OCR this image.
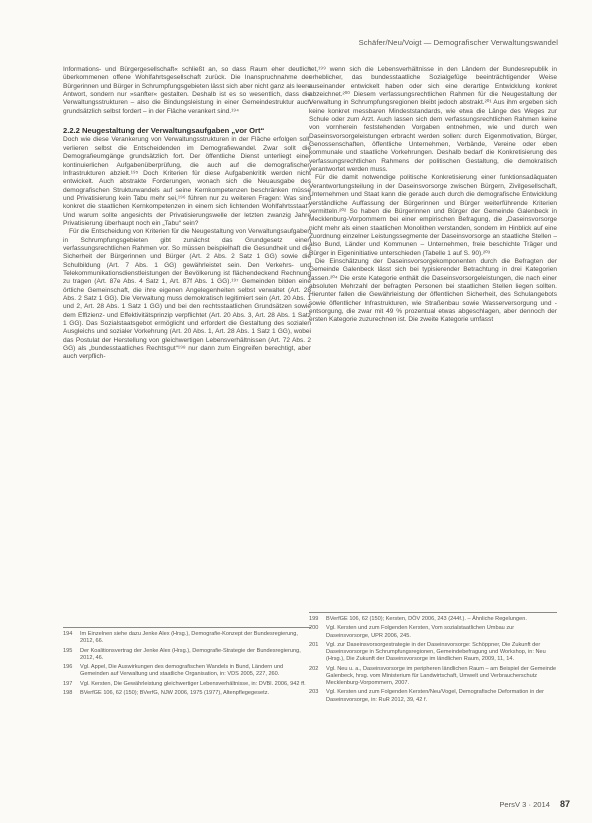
Schäfer/Neu/Voigt — Demografischer Verwaltungswandel

Informations- und Bürgergesellschaft« schließt an, so dass Raum eher deutlich überkommenen offene Wohlfahrtsgesellschaft zurück. Die Inanspruchnahme der Bürgerinnen und Bürger in Schrumpfungsgebieten lässt sich aber nicht ganz als leere Antwort, sondern nur »sanfter« gestalten. Deshalb ist es so wesentlich, dass die Verwaltungsstrukturen – also die Bindungsleistung in einer Gemeindestruktur auch grundsätzlich selbst fordert – in der Fläche verankert sind.¹⁹⁴

2.2.2 Neugestaltung der Verwaltungsaufgaben „vor Ort“

Doch wie diese Verankerung von Verwaltungsstrukturen in der Fläche erfolgen soll, verlieren selbst die Entscheidenden im Demografiewandel. Zwar sollt die Demografieumgänge grundsätzlich fort. Der öffentliche Dienst unterliegt einer kontinuierlichen Aufgabenüberprüfung, die auch auf die demografischen Infrastrukturen abzielt.¹⁹⁵ Doch Kriterien für diese Aufgabenkritik werden nicht entwickelt. Auch abstrakte Forderungen, wonach sich die Neuausgabe des demografischen Strukturwandels auf seine Kernkompetenzen beschränken müsse und Privatisierung kein Tabu mehr sei,¹⁹⁶ führen nur zu weiteren Fragen: Was sind konkret die staatlichen Kernkompetenzen in einem sich lichtenden Wohlfahrtsstaat? Und warum sollte angesichts der Privatisierungswelle der letzten zwanzig Jahre Privatisierung überhaupt noch ein „Tabu“ sein?

Für die Entscheidung von Kriterien für die Neugestaltung von Verwaltungsaufgaben in Schrumpfungsgebieten gibt zunächst das Grundgesetz einen verfassungsrechtlichen Rahmen vor. So müssen beispielhaft die Gesundheit und die Sicherheit der Bürgerinnen und Bürger (Art. 2 Abs. 2 Satz 1 GG) sowie die Schulbildung (Art. 7 Abs. 1 GG) gewährleistet sein. Den Verkehrs- und Telekommunikationsdienstleistungen der Bevölkerung ist flächendeckend Rechnung zu tragen (Art. 87e Abs. 4 Satz 1, Art. 87f Abs. 1 GG).¹⁹⁷ Gemeinden bilden eine örtliche Gemeinschaft, die ihre eigenen Angelegenheiten selbst verwaltet (Art. 28 Abs. 2 Satz 1 GG). Die Verwaltung muss demokratisch legitimiert sein (Art. 20 Abs. 1 und 2, Art. 28 Abs. 1 Satz 1 GG) und bei den rechtsstaatlichen Grundsätzen sowie dem Effizienz- und Effektivitätsprinzip verpflichtet (Art. 20 Abs. 3, Art. 28 Abs. 1 Satz 1 GG). Das Sozialstaatsgebot ermöglicht und erfordert die Gestaltung des sozialen Ausgleichs und sozialer Vorkehrung (Art. 20 Abs. 1, Art. 28 Abs. 1 Satz 1 GG), wobei das Postulat der Herstellung von gleichwertigen Lebensverhältnissen (Art. 72 Abs. 2 GG) als „bundesstaatliches Rechtsgut“¹⁹⁸ nur dann zum Eingreifen berechtigt, aber auch verpflich-

tet,¹⁹⁹ wenn sich die Lebensverhältnisse in den Ländern der Bundesrepublik in erheblicher, das bundesstaatliche Sozialgefüge beeinträchtigender Weise auseinander entwickelt haben oder sich eine derartige Entwicklung konkret abzeichnet.²⁰⁰ Diesem verfassungsrechtlichen Rahmen für die Neugestaltung der Verwaltung in Schrumpfungsregionen bleibt jedoch abstrakt.²⁰¹ Aus ihm ergeben sich keine konkret messbaren Mindeststandards, wie etwa die Länge des Weges zur Schule oder zum Arzt. Auch lassen sich dem verfassungsrechtlichen Rahmen keine von vornherein feststehenden Vorgaben entnehmen, wie und durch wen Daseinsvorsorgeleistungen erbracht werden sollen: durch Eigenmotivation, Bürger, Genossenschaften, öffentliche Unternehmen, Verbände, Vereine oder eben kommunale und staatliche Vorkehrungen. Deshalb bedarf die Konkretisierung des verfassungsrechtlichen Rahmens der politischen Gestaltung, die demokratisch verantwortet werden muss.

Für die damit notwendige politische Konkretisierung einer funktionsadäquaten Verantwortungsteilung in der Daseinsvorsorge zwischen Bürgern, Zivilgesellschaft, Unternehmen und Staat kann die gerade auch durch die demografische Entwicklung verständliche Auffassung der Bürgerinnen und Bürger weiterführende Kriterien vermitteln.²⁰² So haben die Bürgerinnen und Bürger der Gemeinde Galenbeck in Mecklenburg-Vorpommern bei einer empirischen Befragung, die „Daseinsvorsorge nicht mehr als einen staatlichen Monolithen verstanden, sondern im Hinblick auf eine Zuordnung einzelner Leistungssegmente der Daseinsvorsorge an staatliche Stellen – also Bund, Länder und Kommunen – Unternehmen, freie beschichte Träger und Bürger in Eigeninitiative unterschieden (Tabelle 1 auf S. 90).²⁰³

Die Einschätzung der Daseinsvorsorgekomponenten durch die Befragten der Gemeinde Galenbeck lässt sich bei typisierender Betrachtung in drei Kategorien fassen.²⁰⁴ Die erste Kategorie enthält die Daseinsvorsorgeleistungen, die nach einer absoluten Mehrzahl der befragten Personen bei staatlichen Stellen liegen sollten. Hierunter fallen die Gewährleistung der öffentlichen Sicherheit, des Schulangebots sowie öffentlicher Infrastrukturen, wie Straßenbau sowie Wasserversorgung und -entsorgung, die zwar mit 49 % prozentual etwas abgeschlagen, aber dennoch der ersten Kategorie zuzurechnen ist. Die zweite Kategorie umfasst

194	Im Einzelnen siehe dazu Jenke Alex (Hrsg.), Demografie-Konzept der Bundesregierung, 2012, 66.
195	Der Koalitionsvertrag der Jenke Alex (Hrsg.), Demografie-Strategie der Bundesregierung, 2012, 46.
196	Vgl. Appel, Die Auswirkungen des demografischen Wandels in Bund, Ländern und Gemeinden auf Verwaltung und staatliche Organisation, in: VDS 2005, 227, 260.
197	Vgl. Kersten, Die Gewährleistung gleichwertiger Lebensverhältnisse, in: DVBl. 2006, 942 ff.
198	BVerfGE 106, 62 (150); BVerfG, NJW 2006, 1975 (1977), Altenpflegegesetz.
199	BVerfGE 106, 62 (150); Kersten, DÖV 2006, 243 (244f.). – Ähnliche Regelungen.
200	Vgl. Kersten und zum Folgenden Kersten, Vom sozialstaatlichen Umbau zur Daseinsvorsorge, UPR 2006, 245.
201	Vgl. zur Daseinsvorsorgestrategie in der Daseinsvorsorge: Schöppner, Die Zukunft der Daseinsvorsorge in Schrumpfungsregionen, Gemeindebefragung und Workshop, in: Neu (Hrsg.), Die Zukunft der Daseinsvorsorge im ländlichen Raum, 2009, 11, 14.
202	Vgl. Neu u. a., Daseinsvorsorge im peripheren ländlichen Raum – am Beispiel der Gemeinde Galenbeck, hrsg. vom Ministerium für Landwirtschaft, Umwelt und Verbraucherschutz Mecklenburg-Vorpommern, 2007.
203	Vgl. Kersten und zum Folgenden Kersten/Neu/Vogel, Demografische Deformation in der Daseinsvorsorge, in: RuR 2012, 39, 42 f.
PersV 3 · 2014 87
